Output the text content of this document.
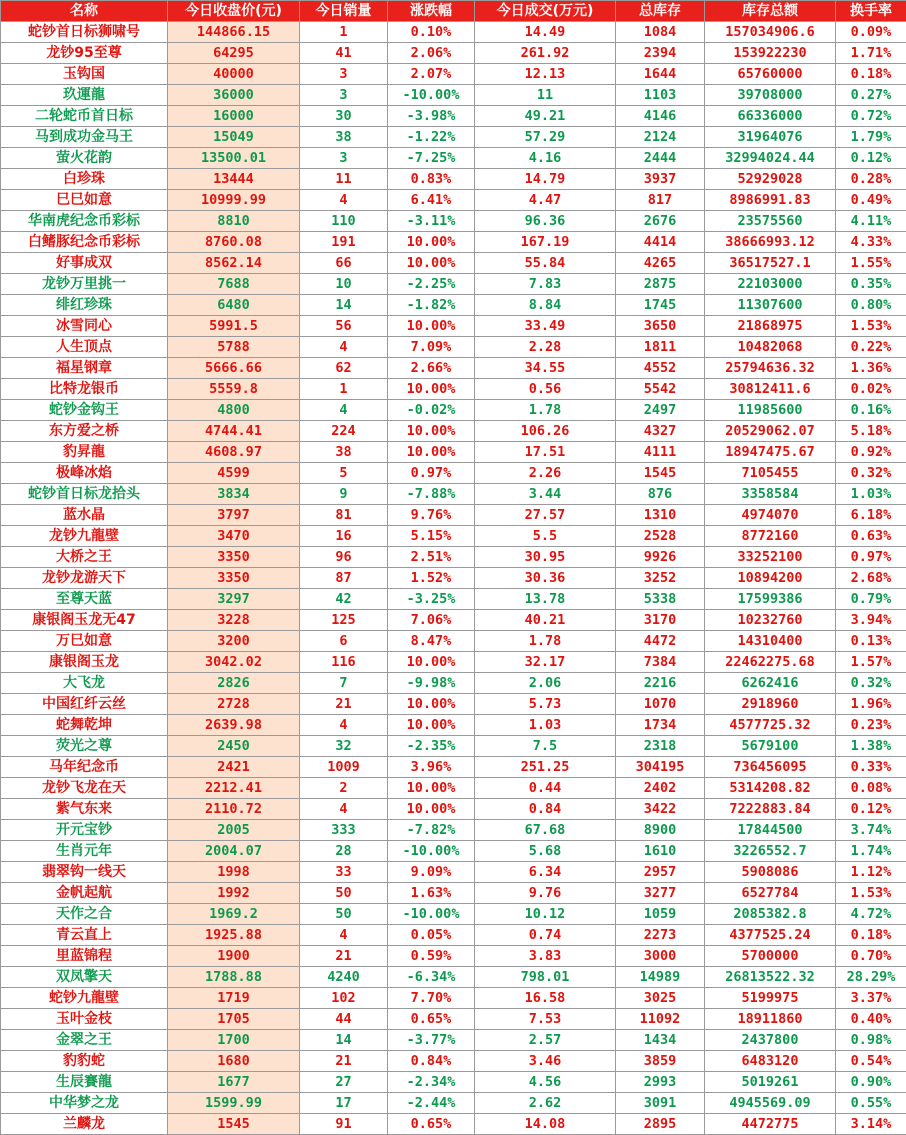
名称	今日收盘价(元)	今日销量	涨跌幅	今日成交(万元)	总库存	库存总额	换手率
蛇钞首日标狮啸号	144866.15	1	0.10%	14.49	1084	157034906.6	0.09%
龙钞95至尊	64295	41	2.06%	261.92	2394	153922230	1.71%
玉钩国	40000	3	2.07%	12.13	1644	65760000	0.18%
玖運龍	36000	3	-10.00%	11	1103	39708000	0.27%
二轮蛇币首日标	16000	30	-3.98%	49.21	4146	66336000	0.72%
马到成功金马王	15049	38	-1.22%	57.29	2124	31964076	1.79%
萤火花韵	13500.01	3	-7.25%	4.16	2444	32994024.44	0.12%
白珍珠	13444	11	0.83%	14.79	3937	52929028	0.28%
巳巳如意	10999.99	4	6.41%	4.47	817	8986991.83	0.49%
华南虎纪念币彩标	8810	110	-3.11%	96.36	2676	23575560	4.11%
白鳍豚纪念币彩标	8760.08	191	10.00%	167.19	4414	38666993.12	4.33%
好事成双	8562.14	66	10.00%	55.84	4265	36517527.1	1.55%
龙钞万里挑一	7688	10	-2.25%	7.83	2875	22103000	0.35%
绯红珍珠	6480	14	-1.82%	8.84	1745	11307600	0.80%
冰雪同心	5991.5	56	10.00%	33.49	3650	21868975	1.53%
人生顶点	5788	4	7.09%	2.28	1811	10482068	0.22%
福星钢章	5666.66	62	2.66%	34.55	4552	25794636.32	1.36%
比特龙银币	5559.8	1	10.00%	0.56	5542	30812411.6	0.02%
蛇钞金钩王	4800	4	-0.02%	1.78	2497	11985600	0.16%
东方爱之桥	4744.41	224	10.00%	106.26	4327	20529062.07	5.18%
豹昇龍	4608.97	38	10.00%	17.51	4111	18947475.67	0.92%
极峰冰焰	4599	5	0.97%	2.26	1545	7105455	0.32%
蛇钞首日标龙拾头	3834	9	-7.88%	3.44	876	3358584	1.03%
蓝水晶	3797	81	9.76%	27.57	1310	4974070	6.18%
龙钞九龍壁	3470	16	5.15%	5.5	2528	8772160	0.63%
大桥之王	3350	96	2.51%	30.95	9926	33252100	0.97%
龙钞龙游天下	3350	87	1.52%	30.36	3252	10894200	2.68%
至尊天蓝	3297	42	-3.25%	13.78	5338	17599386	0.79%
康银阁玉龙无47	3228	125	7.06%	40.21	3170	10232760	3.94%
万巳如意	3200	6	8.47%	1.78	4472	14310400	0.13%
康银阁玉龙	3042.02	116	10.00%	32.17	7384	22462275.68	1.57%
大飞龙	2826	7	-9.98%	2.06	2216	6262416	0.32%
中国红纤云丝	2728	21	10.00%	5.73	1070	2918960	1.96%
蛇舞乾坤	2639.98	4	10.00%	1.03	1734	4577725.32	0.23%
荧光之尊	2450	32	-2.35%	7.5	2318	5679100	1.38%
马年纪念币	2421	1009	3.96%	251.25	304195	736456095	0.33%
龙钞飞龙在天	2212.41	2	10.00%	0.44	2402	5314208.82	0.08%
紫气东来	2110.72	4	10.00%	0.84	3422	7222883.84	0.12%
开元宝钞	2005	333	-7.82%	67.68	8900	17844500	3.74%
生肖元年	2004.07	28	-10.00%	5.68	1610	3226552.7	1.74%
翡翠钩一线天	1998	33	9.09%	6.34	2957	5908086	1.12%
金帆起航	1992	50	1.63%	9.76	3277	6527784	1.53%
天作之合	1969.2	50	-10.00%	10.12	1059	2085382.8	4.72%
青云直上	1925.88	4	0.05%	0.74	2273	4377525.24	0.18%
里蓝锦程	1900	21	0.59%	3.83	3000	5700000	0.70%
双凤擎天	1788.88	4240	-6.34%	798.01	14989	26813522.32	28.29%
蛇钞九龍壁	1719	102	7.70%	16.58	3025	5199975	3.37%
玉叶金枝	1705	44	0.65%	7.53	11092	18911860	0.40%
金翠之王	1700	14	-3.77%	2.57	1434	2437800	0.98%
豹豹蛇	1680	21	0.84%	3.46	3859	6483120	0.54%
生辰賽龍	1677	27	-2.34%	4.56	2993	5019261	0.90%
中华梦之龙	1599.99	17	-2.44%	2.62	3091	4945569.09	0.55%
兰麟龙	1545	91	0.65%	14.08	2895	4472775	3.14%
